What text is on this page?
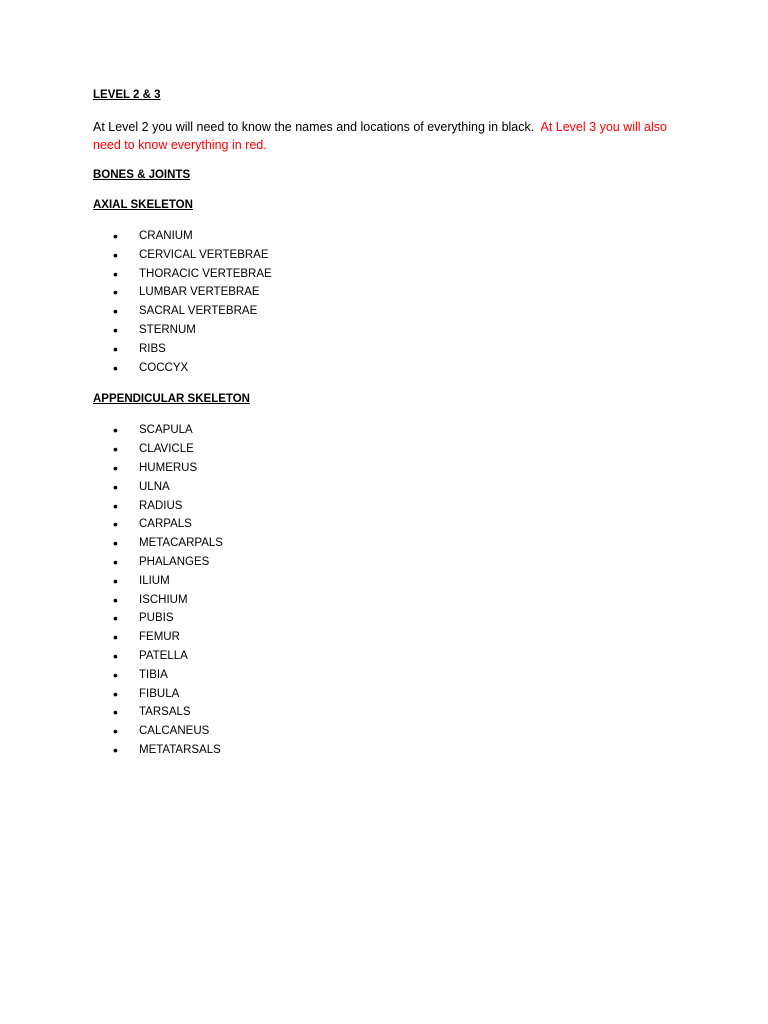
LEVEL 2 & 3

At Level 2 you will need to know the names and locations of everything in black. At Level 3 you will also need to know everything in red.

BONES & JOINTS

AXIAL SKELETON

• CRANIUM
• CERVICAL VERTEBRAE
• THORACIC VERTEBRAE
• LUMBAR VERTEBRAE
• SACRAL VERTEBRAE
• STERNUM
• RIBS
• COCCYX

APPENDICULAR SKELETON

• SCAPULA
• CLAVICLE
• HUMERUS
• ULNA
• RADIUS
• CARPALS
• METACARPALS
• PHALANGES
• ILIUM
• ISCHIUM
• PUBIS
• FEMUR
• PATELLA
• TIBIA
• FIBULA
• TARSALS
• CALCANEUS
• METATARSALS
